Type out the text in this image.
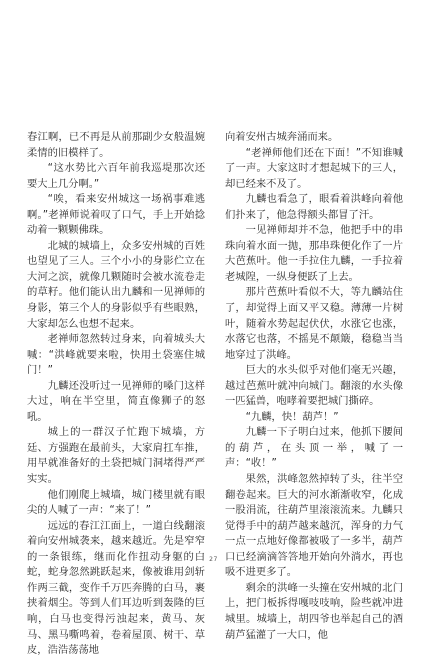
春江啊，已不再是从前那副少女般温婉柔情的旧模样了。

“这水势比六百年前我巡堤那次还要大上几分啊。”

“唉，看来安州城这一场祸事难逃啊。”老禅师说着叹了口气，手上开始捻动着一颗颗佛珠。

北城的城墙上，众多安州城的百姓也望见了三人。三个小小的身影伫立在大河之滨，就像几颗随时会被水流卷走的草籽。他们能认出九麟和一见禅师的身影，第三个人的身影似乎有些眼熟，大家却怎么也想不起来。

老禅师忽然转过身来，向着城头大喊：“洪峰就要来啦，快用土袋塞住城门！”

九麟还没听过一见禅师的嗓门这样大过，响在半空里，简直像狮子的怒吼。

城上的一群汉子忙跑下城墙，方廷、方强跑在最前头，大家肩扛车推，用早就准备好的土袋把城门洞堵得严严实实。

他们刚爬上城墙，城门楼里就有眼尖的人喊了一声：“来了！”

远远的春江江面上，一道白线翻滚着向安州城袭来，越来越近。先是窄窄的一条银练，继而化作扭动身躯的白蛇，蛇身忽然跳跃起来，像被谁用剑斩作两三截，变作千万匹奔腾的白马，裹挟着烟尘。等到人们耳边听到轰隆的巨响，白马也变得污浊起来，黄马、灰马、黑马嘶鸣着，卷着屋顶、树干、草皮，浩浩荡荡地

向着安州古城奔涌而来。

“老禅师他们还在下面！”不知谁喊了一声。大家这时才想起城下的三人，却已经来不及了。

九麟也看急了，眼看着洪峰向着他们扑来了，他急得额头都冒了汗。

一见禅师却并不急，他把手中的串珠向着水面一抛，那串珠便化作了一片大芭蕉叶。他一手拉住九麟，一手拉着老城隍，一纵身便跃了上去。

那片芭蕉叶看似不大，等九麟站住了，却觉得上面又平又稳。薄薄一片树叶，随着水势起起伏伏，水涨它也涨，水落它也落，不摇晃不颠簸，稳稳当当地穿过了洪峰。

巨大的水头似乎对他们毫无兴趣，越过芭蕉叶就冲向城门。翻滚的水头像一匹猛兽，咆哮着要把城门撕碎。

“九麟，快！葫芦！”

九麟一下子明白过来，他抓下腰间的葫芦，在头顶一举，喊了一声：“收！”

果然，洪峰忽然掉转了头，往半空翻卷起来。巨大的河水渐渐收窄，化成一股涓流，往葫芦里滚滚流来。九麟只觉得手中的葫芦越来越沉，浑身的力气一点一点地好像都被吸了一多半，葫芦口已经滴滴答答地开始向外淌水，再也吸不进更多了。

剩余的洪峰一头撞在安州城的北门上，把门板拆得嘎吱吱响，险些就冲进城里。城墙上，胡四爷也举起自己的酒葫芦猛灌了一大口，他

27
